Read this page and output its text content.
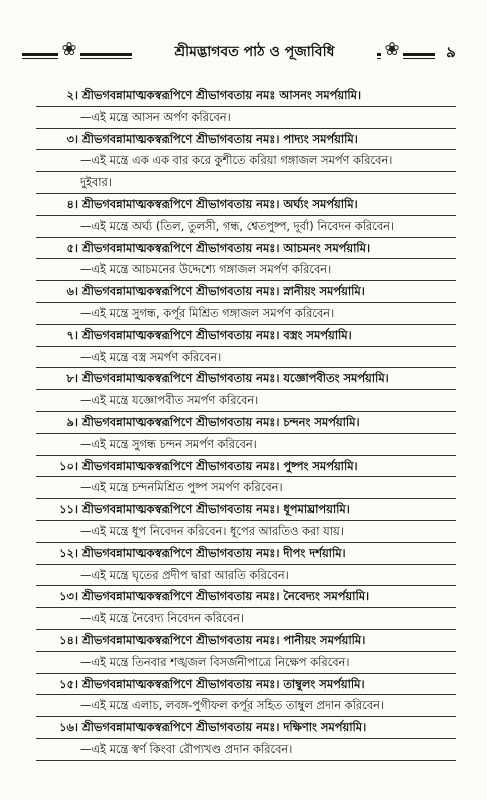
❀	শ্রীমদ্ভাগবত পাঠ ও পূজাবিধি	❀	৯
২। শ্রীভগবন্নামাত্মকস্বরূপিণে শ্রীভাগবতায় নমঃ আসনং সমর্পয়ামি।
—এই মন্ত্রে আসন অর্পণ করিবেন।
৩। শ্রীভগবন্নামাত্মকস্বরূপিণে শ্রীভাগবতায় নমঃ। পাদ্যং সমর্পয়ামি।
—এই মন্ত্রে এক এক বার করে কুশীতে করিয়া গঙ্গাজল সমর্পণ করিবেন।
দুইবার।
৪। শ্রীভগবন্নামাত্মকস্বরূপিণে শ্রীভাগবতায় নমঃ। অর্ঘ্যং সমর্পয়ামি।
—এই মন্ত্রে অর্ঘ্য (তিল, তুলসী, গন্ধ, শ্বেতপুষ্প, দূর্বা) নিবেদন করিবেন।
৫। শ্রীভগবন্নামাত্মকস্বরূপিণে শ্রীভাগবতায় নমঃ। আচমনং সমর্পয়ামি।
—এই মন্ত্রে আচমনের উদ্দেশ্যে গঙ্গাজল সমর্পণ করিবেন।
৬। শ্রীভগবন্নামাত্মকস্বরূপিণে শ্রীভাগবতায় নমঃ। স্নানীয়ং সমর্পয়ামি।
—এই মন্ত্রে সুগন্ধ, কর্পূর মিশ্রিত গঙ্গাজল সমর্পণ করিবেন।
৭। শ্রীভগবন্নামাত্মকস্বরূপিণে শ্রীভাগবতায় নমঃ। বস্ত্রং সমর্পয়ামি।
—এই মন্ত্রে বস্ত্র সমর্পণ করিবেন।
৮। শ্রীভগবন্নামাত্মকস্বরূপিণে শ্রীভাগবতায় নমঃ। যজ্ঞোপবীতং সমর্পয়ামি।
—এই মন্ত্রে যজ্ঞোপবীত সমর্পণ করিবেন।
৯। শ্রীভগবন্নামাত্মকস্বরূপিণে শ্রীভাগবতায় নমঃ। চন্দনং সমর্পয়ামি।
—এই মন্ত্রে সুগন্ধ চন্দন সমর্পণ করিবেন।
১০। শ্রীভগবন্নামাত্মকস্বরূপিণে শ্রীভাগবতায় নমঃ। পুষ্পং সমর্পয়ামি।
—এই মন্ত্রে চন্দনমিশ্রিত পুষ্প সমর্পণ করিবেন।
১১। শ্রীভগবন্নামাত্মকস্বরূপিণে শ্রীভাগবতায় নমঃ। ধূপমাঘ্রাপয়ামি।
—এই মন্ত্রে ধূপ নিবেদন করিবেন। ধূপের আরতিও করা যায়।
১২। শ্রীভগবন্নামাত্মকস্বরূপিণে শ্রীভাগবতায় নমঃ। দীপং দর্শয়ামি।
—এই মন্ত্রে ঘৃতের প্রদীপ দ্বারা আরতি করিবেন।
১৩। শ্রীভগবন্নামাত্মকস্বরূপিণে শ্রীভাগবতায় নমঃ। নৈবেদ্যং সমর্পয়ামি।
—এই মন্ত্রে নৈবেদ্য নিবেদন করিবেন।
১৪। শ্রীভগবন্নামাত্মকস্বরূপিণে শ্রীভাগবতায় নমঃ। পানীয়ং সমর্পয়ামি।
—এই মন্ত্রে তিনবার শঙ্খজল বিসর্জনীপাত্রে নিক্ষেপ করিবেন।
১৫। শ্রীভগবন্নামাত্মকস্বরূপিণে শ্রীভাগবতায় নমঃ। তাম্বুলং সমর্পয়ামি।
—এই মন্ত্রে এলাচ, লবঙ্গ-পুগীফল কর্পূর সহিত তাম্বুল প্রদান করিবেন।
১৬। শ্রীভগবন্নামাত্মকস্বরূপিণে শ্রীভাগবতায় নমঃ। দক্ষিণাং সমর্পয়ামি।
—এই মন্ত্রে স্বর্ণ কিংবা রৌপ্যখণ্ড প্রদান করিবেন।
